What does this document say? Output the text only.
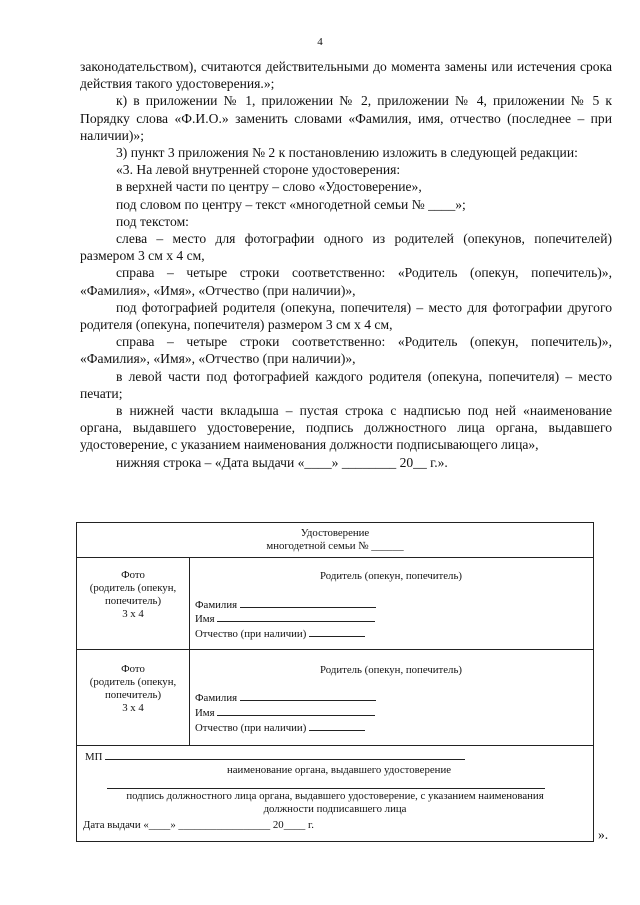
4

законодательством), считаются действительными до момента замены или истечения срока действия такого удостоверения.»;

к) в приложении № 1, приложении № 2, приложении № 4, приложении № 5 к Порядку слова «Ф.И.О.» заменить словами «Фамилия, имя, отчество (последнее – при наличии)»;

3) пункт 3 приложения № 2 к постановлению изложить в следующей редакции:

«3. На левой внутренней стороне удостоверения:

в верхней части по центру – слово «Удостоверение»,

под словом по центру – текст «многодетной семьи № ____»;

под текстом:

слева – место для фотографии одного из родителей (опекунов, попечителей) размером 3 см х 4 см,

справа – четыре строки соответственно: «Родитель (опекун, попечитель)», «Фамилия», «Имя», «Отчество (при наличии)»,

под фотографией родителя (опекуна, попечителя) – место для фотографии другого родителя (опекуна, попечителя) размером 3 см х 4 см,

справа – четыре строки соответственно: «Родитель (опекун, попечитель)», «Фамилия», «Имя», «Отчество (при наличии)»,

в левой части под фотографией каждого родителя (опекуна, попечителя) – место печати;

в нижней части вкладыша – пустая строка с надписью под ней «наименование органа, выдавшего удостоверение, подпись должностного лица органа, выдавшего удостоверение, с указанием наименования должности подписывающего лица»,

нижняя строка – «Дата выдачи «____» ________ 20__ г.».

Удостоверение
многодетной семьи № ______
Фото
(родитель (опекун,
попечитель)
3 х 4
Родитель (опекун, попечитель)
Фамилия
Имя
Отчество (при наличии)
Фото
(родитель (опекун,
попечитель)
3 х 4
Родитель (опекун, попечитель)
Фамилия
Имя
Отчество (при наличии)
МП
наименование органа, выдавшего удостоверение
подпись должностного лица органа, выдавшего удостоверение, с указанием наименования
должности подписавшего лица
Дата выдачи «____» _________________ 20____ г.
».
